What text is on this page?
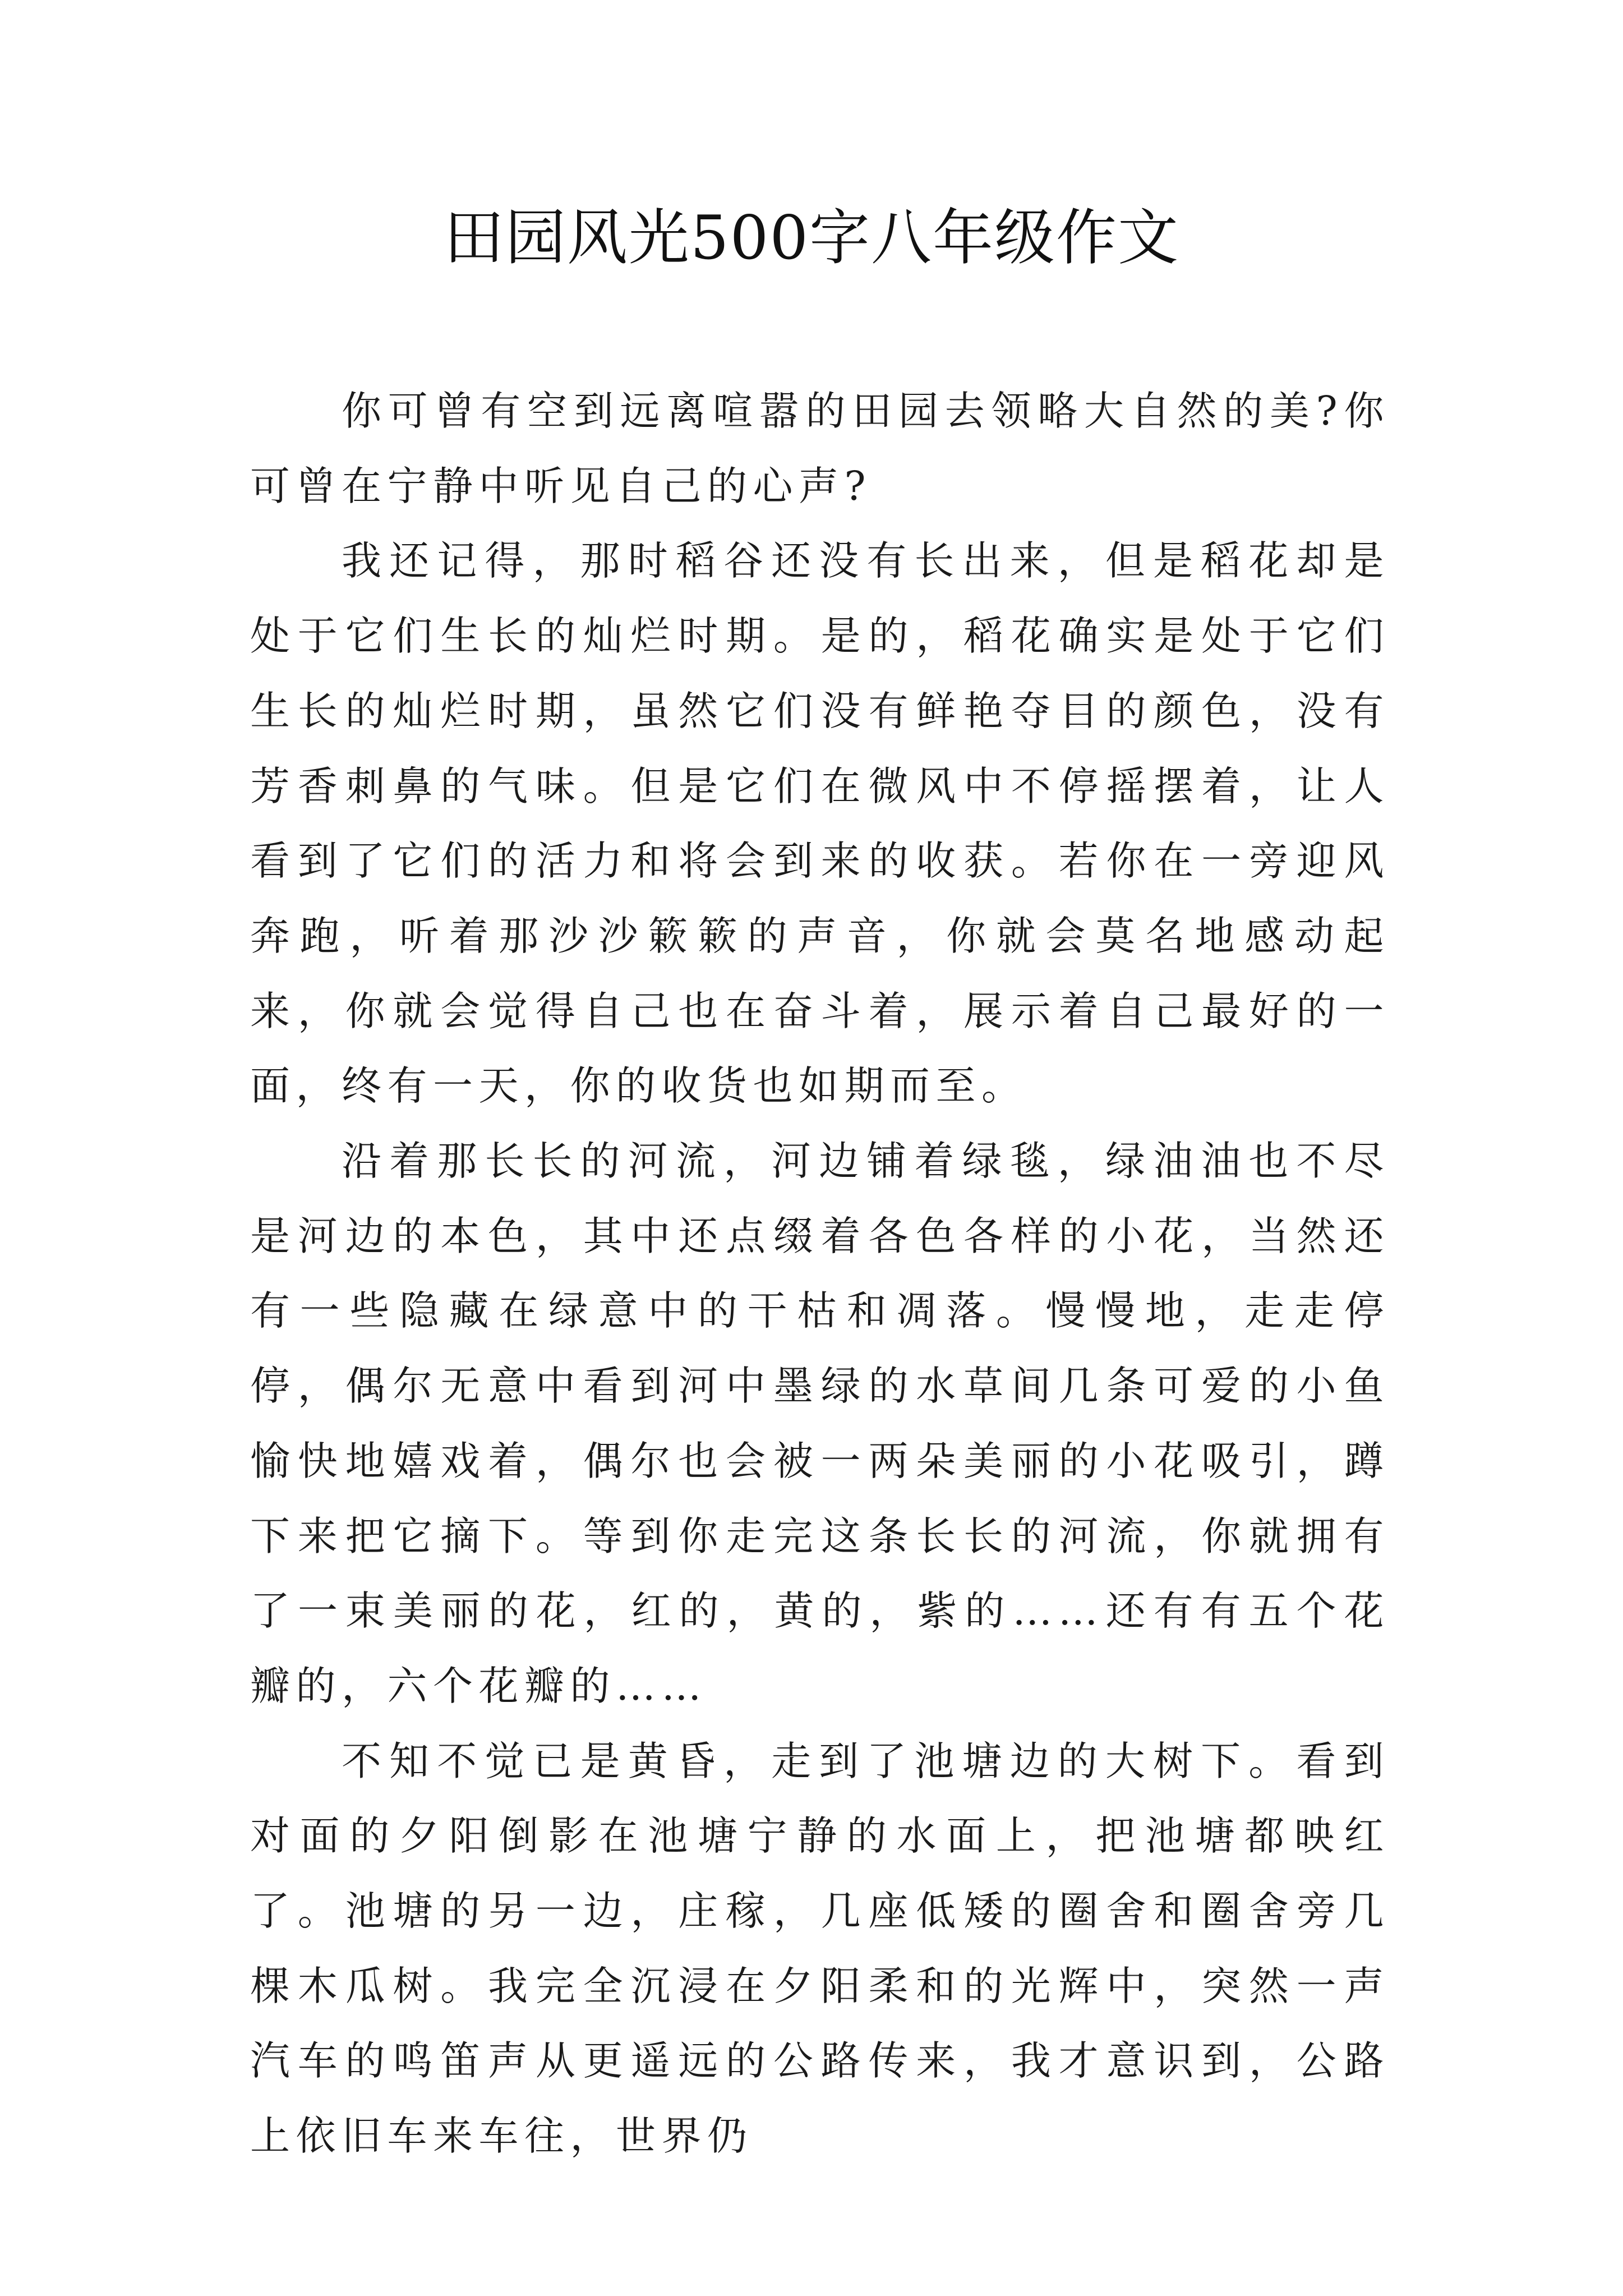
田园风光500字八年级作文

你可曾有空到远离喧嚣的田园去领略大自然的美?你可曾在宁静中听见自己的心声?

我还记得，那时稻谷还没有长出来，但是稻花却是处于它们生长的灿烂时期。是的，稻花确实是处于它们生长的灿烂时期，虽然它们没有鲜艳夺目的颜色，没有芳香刺鼻的气味。但是它们在微风中不停摇摆着，让人看到了它们的活力和将会到来的收获。若你在一旁迎风奔跑，听着那沙沙簌簌的声音，你就会莫名地感动起来，你就会觉得自己也在奋斗着，展示着自己最好的一面，终有一天，你的收货也如期而至。

沿着那长长的河流，河边铺着绿毯，绿油油也不尽是河边的本色，其中还点缀着各色各样的小花，当然还有一些隐藏在绿意中的干枯和凋落。慢慢地，走走停停，偶尔无意中看到河中墨绿的水草间几条可爱的小鱼愉快地嬉戏着，偶尔也会被一两朵美丽的小花吸引，蹲下来把它摘下。等到你走完这条长长的河流，你就拥有了一束美丽的花，红的，黄的，紫的……还有有五个花瓣的，六个花瓣的……

不知不觉已是黄昏，走到了池塘边的大树下。看到对面的夕阳倒影在池塘宁静的水面上，把池塘都映红了。池塘的另一边，庄稼，几座低矮的圈舍和圈舍旁几棵木瓜树。我完全沉浸在夕阳柔和的光辉中，突然一声汽车的鸣笛声从更遥远的公路传来，我才意识到，公路上依旧车来车往，世界仍
